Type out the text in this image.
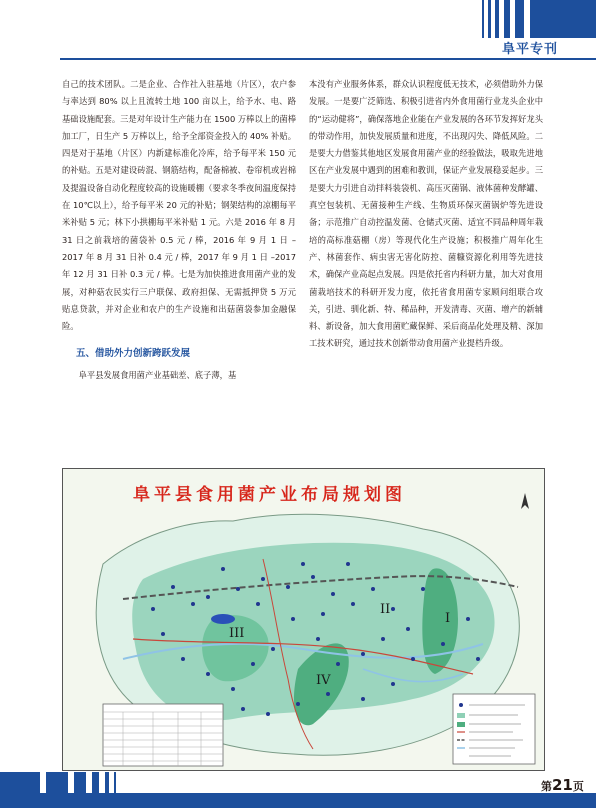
阜平专刊

自己的技术团队。二是企业、合作社入驻基地（片区），农户参与率达到 80% 以上且流转土地 100 亩以上，给予水、电、路基础设施配套。三是对年设计生产能力在 1500 万棒以上的菌棒加工厂，日生产 5 万棒以上，给予全部资金投入的 40% 补贴。四是对于基地（片区）内新建标准化冷库，给予每平米 150 元的补贴。五是对建设砖混、钢筋结构，配备棉被、卷帘机或岩棉及提温设备自动化程度较高的设施暖棚（要求冬季夜间温度保持在 10℃以上），给予每平米 20 元的补贴；钢架结构的凉棚每平米补贴 5 元；林下小拱棚每平米补贴 1 元。六是 2016 年 8 月 31 日之前栽培的菌袋补 0.5 元 / 棒，2016 年 9 月 1 日 –2017 年 8 月 31 日补 0.4 元 / 棒，2017 年 9 月 1 日 –2017 年 12 月 31 日补 0.3 元 / 棒。七是为加快推进食用菌产业的发展，对种菇农民实行三户联保、政府担保、无需抵押贷 5 万元贴息贷款，并对企业和农户的生产设施和出菇菌袋参加金融保险。

五、借助外力创新跨跃发展

阜平县发展食用菌产业基础差、底子薄，基

本没有产业服务体系，群众认识程度低无技术，必须借助外力保发展。一是要广泛筛选、积极引进省内外食用菌行业龙头企业中的“运动健将”，确保落地企业能在产业发展的各环节发挥好龙头的带动作用，加快发展质量和进度，不出现闪失、降低风险。二是要大力借鉴其他地区发展食用菌产业的经验做法，吸取先进地区在产业发展中遇到的困难和教训，保证产业发展稳妥起步。三是要大力引进自动拌料装袋机、高压灭菌锅、液体菌种发酵罐、真空包装机、无菌接种生产线、生物质环保灭菌锅炉等先进设备；示范推广自动控温发菌、仓储式灭菌、适宜不同品种周年栽培的高标准菇棚（房）等现代化生产设施；积极推广周年化生产、林菌套作、病虫害无害化防控、菌糠资源化利用等先进技术，确保产业高起点发展。四是依托省内科研力量，加大对食用菌栽培技术的科研开发力度，依托省食用菌专家顾问组联合攻关，引进、驯化新、特、稀品种，开发清毒、灭菌、增产的新辅料、新设备，加大食用菌贮藏保鲜、采后商品化处理及精、深加工技术研究，通过技术创新带动食用菌产业提档升级。

阜平县食用菌产业布局规划图
I
II
III
IV
第21页
